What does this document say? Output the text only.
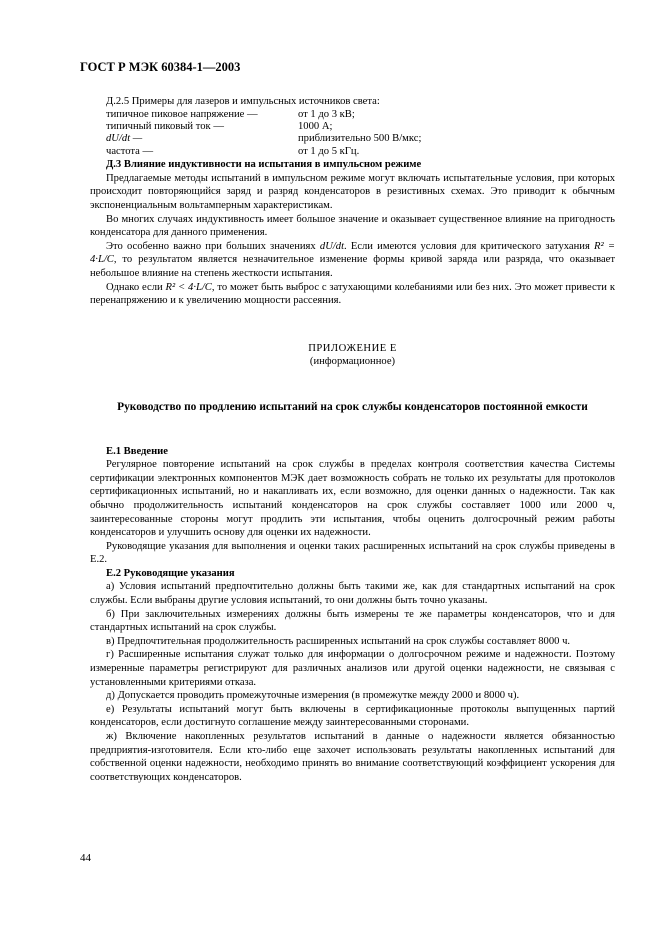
ГОСТ Р МЭК 60384-1—2003
Д.2.5 Примеры для лазеров и импульсных источников света:
типичное пиковое напряжение —	от 1 до 3 кВ;
типичный пиковый ток —	1000 А;
dU/dt —	приблизительно 500 В/мкс;
частота —	от 1 до 5 кГц.
Д.3 Влияние индуктивности на испытания в импульсном режиме

Предлагаемые методы испытаний в импульсном режиме могут включать испытательные условия, при которых происходит повторяющийся заряд и разряд конденсаторов в резистивных схемах. Это приводит к обычным экспоненциальным вольтамперным характеристикам.

Во многих случаях индуктивность имеет большое значение и оказывает существенное влияние на пригодность конденсатора для данного применения.

Это особенно важно при больших значениях dU/dt. Если имеются условия для критического затухания R² = 4·L/C, то результатом является незначительное изменение формы кривой заряда или разряда, что оказывает небольшое влияние на степень жесткости испытания.

Однако если R² < 4·L/C, то может быть выброс с затухающими колебаниями или без них. Это может привести к перенапряжению и к увеличению мощности рассеяния.

ПРИЛОЖЕНИЕ Е
(информационное)
Руководство по продлению испытаний на срок службы конденсаторов постоянной емкости
Е.1 Введение

Регулярное повторение испытаний на срок службы в пределах контроля соответствия качества Системы сертификации электронных компонентов МЭК дает возможность собрать не только их результаты для протоколов сертификационных испытаний, но и накапливать их, если возможно, для оценки данных о надежности. Так как обычно продолжительность испытаний конденсаторов на срок службы составляет 1000 или 2000 ч, заинтересованные стороны могут продлить эти испытания, чтобы оценить долгосрочный режим работы конденсаторов и улучшить основу для оценки их надежности.

Руководящие указания для выполнения и оценки таких расширенных испытаний на срок службы приведены в Е.2.

Е.2 Руководящие указания

а) Условия испытаний предпочтительно должны быть такими же, как для стандартных испытаний на срок службы. Если выбраны другие условия испытаний, то они должны быть точно указаны.

б) При заключительных измерениях должны быть измерены те же параметры конденсаторов, что и для стандартных испытаний на срок службы.

в) Предпочтительная продолжительность расширенных испытаний на срок службы составляет 8000 ч.

г) Расширенные испытания служат только для информации о долгосрочном режиме и надежности. Поэтому измеренные параметры регистрируют для различных анализов или другой оценки надежности, не связывая с установленными критериями отказа.

д) Допускается проводить промежуточные измерения (в промежутке между 2000 и 8000 ч).

е) Результаты испытаний могут быть включены в сертификационные протоколы выпущенных партий конденсаторов, если достигнуто соглашение между заинтересованными сторонами.

ж) Включение накопленных результатов испытаний в данные о надежности является обязанностью предприятия-изготовителя. Если кто-либо еще захочет использовать результаты накопленных испытаний для собственной оценки надежности, необходимо принять во внимание соответствующий коэффициент ускорения для соответствующих конденсаторов.

44
